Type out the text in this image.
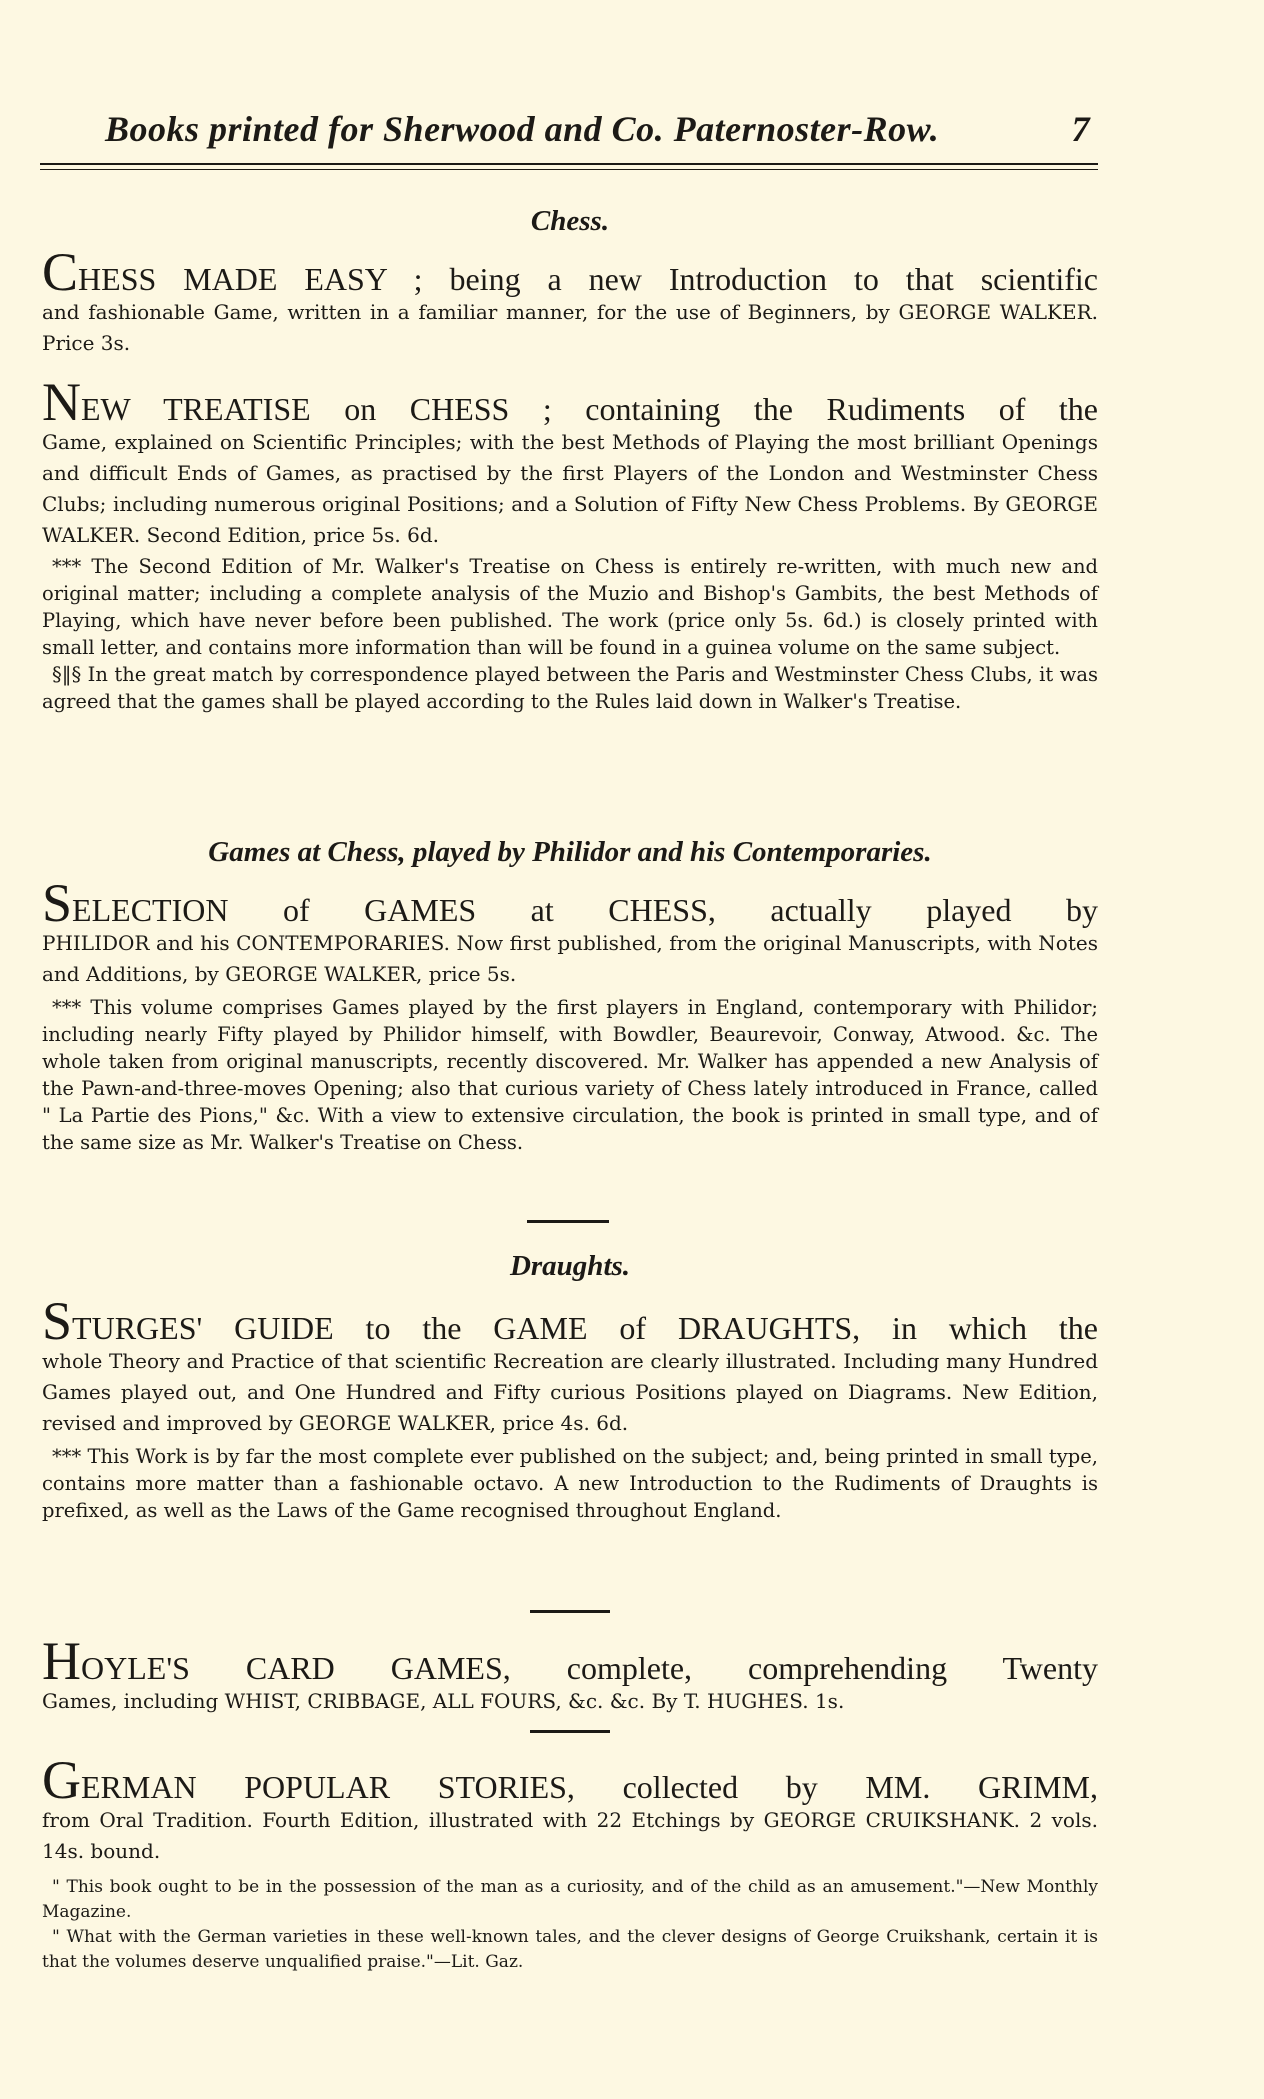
Books printed for Sherwood and Co. Paternoster-Row.	7

Chess.

CHESS MADE EASY ; being a new Introduction to that scientific

and fashionable Game, written in a familiar manner, for the use of Beginners, by GEORGE WALKER. Price 3s.

NEW TREATISE on CHESS ; containing the Rudiments of the

Game, explained on Scientific Principles; with the best Methods of Playing the most brilliant Openings and difficult Ends of Games, as practised by the first Players of the London and Westminster Chess Clubs; including numerous original Positions; and a Solution of Fifty New Chess Problems. By GEORGE WALKER. Second Edition, price 5s. 6d.

*** The Second Edition of Mr. Walker's Treatise on Chess is entirely re-written, with much new and original matter; including a complete analysis of the Muzio and Bishop's Gambits, the best Methods of Playing, which have never before been published. The work (price only 5s. 6d.) is closely printed with small letter, and contains more information than will be found in a guinea volume on the same subject.

§‖§ In the great match by correspondence played between the Paris and Westminster Chess Clubs, it was agreed that the games shall be played according to the Rules laid down in Walker's Treatise.

Games at Chess, played by Philidor and his Contemporaries.

SELECTION of GAMES at CHESS, actually played by

PHILIDOR and his CONTEMPORARIES. Now first published, from the original Manuscripts, with Notes and Additions, by GEORGE WALKER, price 5s.

*** This volume comprises Games played by the first players in England, contemporary with Philidor; including nearly Fifty played by Philidor himself, with Bowdler, Beaurevoir, Conway, Atwood. &c. The whole taken from original manuscripts, recently discovered. Mr. Walker has appended a new Analysis of the Pawn-and-three-moves Opening; also that curious variety of Chess lately introduced in France, called " La Partie des Pions," &c. With a view to extensive circulation, the book is printed in small type, and of the same size as Mr. Walker's Treatise on Chess.

Draughts.

STURGES' GUIDE to the GAME of DRAUGHTS, in which the

whole Theory and Practice of that scientific Recreation are clearly illustrated. Including many Hundred Games played out, and One Hundred and Fifty curious Positions played on Diagrams. New Edition, revised and improved by GEORGE WALKER, price 4s. 6d.

*** This Work is by far the most complete ever published on the subject; and, being printed in small type, contains more matter than a fashionable octavo. A new Introduction to the Rudiments of Draughts is prefixed, as well as the Laws of the Game recognised throughout England.

HOYLE'S CARD GAMES, complete, comprehending Twenty

Games, including WHIST, CRIBBAGE, ALL FOURS, &c. &c. By T. HUGHES. 1s.

GERMAN POPULAR STORIES, collected by MM. GRIMM,

from Oral Tradition. Fourth Edition, illustrated with 22 Etchings by GEORGE CRUIKSHANK. 2 vols. 14s. bound.

" This book ought to be in the possession of the man as a curiosity, and of the child as an amusement."—New Monthly Magazine.

" What with the German varieties in these well-known tales, and the clever designs of George Cruikshank, certain it is that the volumes deserve unqualified praise."—Lit. Gaz.
